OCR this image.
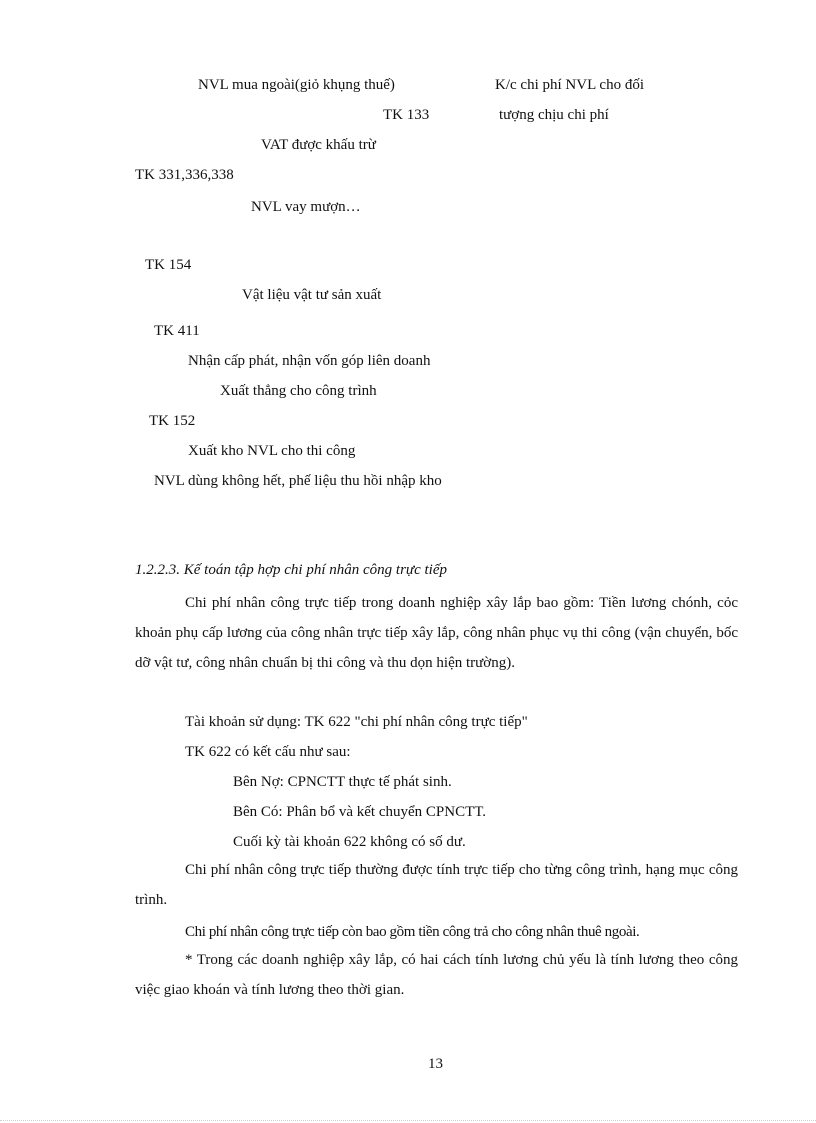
NVL mua ngoài(giỏ khụng thuế)	K/c chi phí NVL cho đối
TK 133	tượng chịu chi phí
VAT được khấu trừ
TK 331,336,338
NVL vay mượn…
TK 154
Vật liệu vật tư sản xuất
TK 411
Nhận cấp phát, nhận vốn góp liên doanh
Xuất thẳng cho công trình
TK 152
Xuất kho NVL cho thi công
NVL dùng không hết, phế liệu thu hồi nhập kho
1.2.2.3. Kế toán tập hợp chi phí nhân công trực tiếp

Chi phí nhân công trực tiếp trong doanh nghiệp xây lắp bao gồm: Tiền lương chónh, cỏc khoản phụ cấp lương của công nhân trực tiếp xây lắp, công nhân phục vụ thi công (vận chuyển, bốc dỡ vật tư, công nhân chuẩn bị thi công và thu dọn hiện trường).

Tài khoản sử dụng: TK 622 "chi phí nhân công trực tiếp"
TK 622 có kết cấu như sau:
Bên Nợ: CPNCTT thực tế phát sinh.
Bên Có: Phân bổ và kết chuyển CPNCTT.
Cuối kỳ tài khoản 622 không có số dư.

Chi phí nhân công trực tiếp thường được tính trực tiếp cho từng công trình, hạng mục công trình.

Chi phí nhân công trực tiếp còn bao gồm tiền công trả cho công nhân thuê ngoài.

* Trong các doanh nghiệp xây lắp, có hai cách tính lương chủ yếu là tính lương theo công việc giao khoán và tính lương theo thời gian.

13
